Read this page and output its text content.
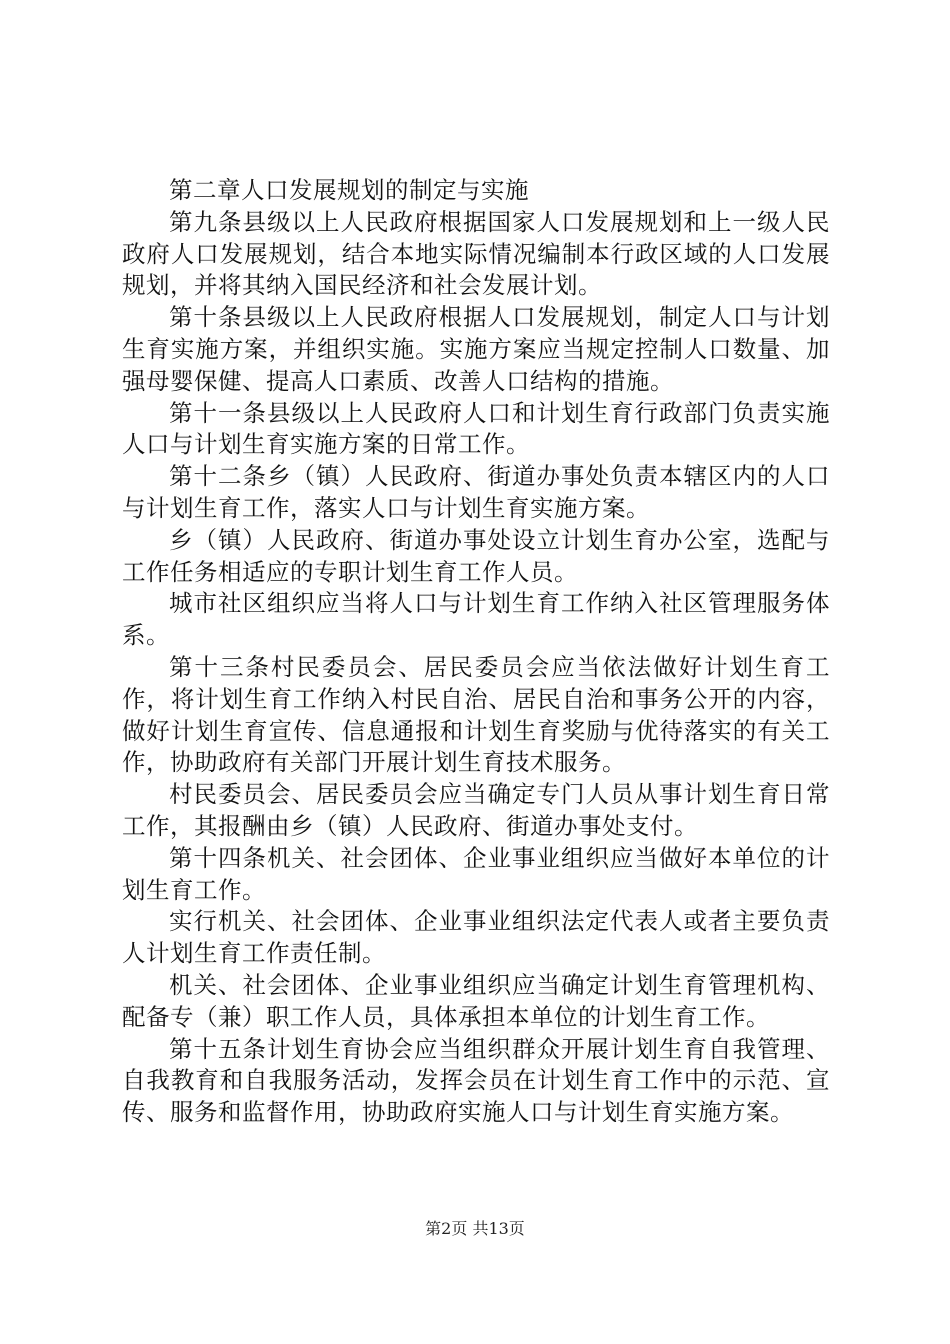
第二章人口发展规划的制定与实施

第九条县级以上人民政府根据国家人口发展规划和上一级人民政府人口发展规划，结合本地实际情况编制本行政区域的人口发展规划，并将其纳入国民经济和社会发展计划。

第十条县级以上人民政府根据人口发展规划，制定人口与计划生育实施方案，并组织实施。实施方案应当规定控制人口数量、加强母婴保健、提高人口素质、改善人口结构的措施。

第十一条县级以上人民政府人口和计划生育行政部门负责实施人口与计划生育实施方案的日常工作。

第十二条乡（镇）人民政府、街道办事处负责本辖区内的人口与计划生育工作，落实人口与计划生育实施方案。

乡（镇）人民政府、街道办事处设立计划生育办公室，选配与工作任务相适应的专职计划生育工作人员。

城市社区组织应当将人口与计划生育工作纳入社区管理服务体系。

第十三条村民委员会、居民委员会应当依法做好计划生育工作，将计划生育工作纳入村民自治、居民自治和事务公开的内容，做好计划生育宣传、信息通报和计划生育奖励与优待落实的有关工作，协助政府有关部门开展计划生育技术服务。

村民委员会、居民委员会应当确定专门人员从事计划生育日常工作，其报酬由乡（镇）人民政府、街道办事处支付。

第十四条机关、社会团体、企业事业组织应当做好本单位的计划生育工作。

实行机关、社会团体、企业事业组织法定代表人或者主要负责人计划生育工作责任制。

机关、社会团体、企业事业组织应当确定计划生育管理机构、配备专（兼）职工作人员，具体承担本单位的计划生育工作。

第十五条计划生育协会应当组织群众开展计划生育自我管理、自我教育和自我服务活动，发挥会员在计划生育工作中的示范、宣传、服务和监督作用，协助政府实施人口与计划生育实施方案。

第2页 共13页
